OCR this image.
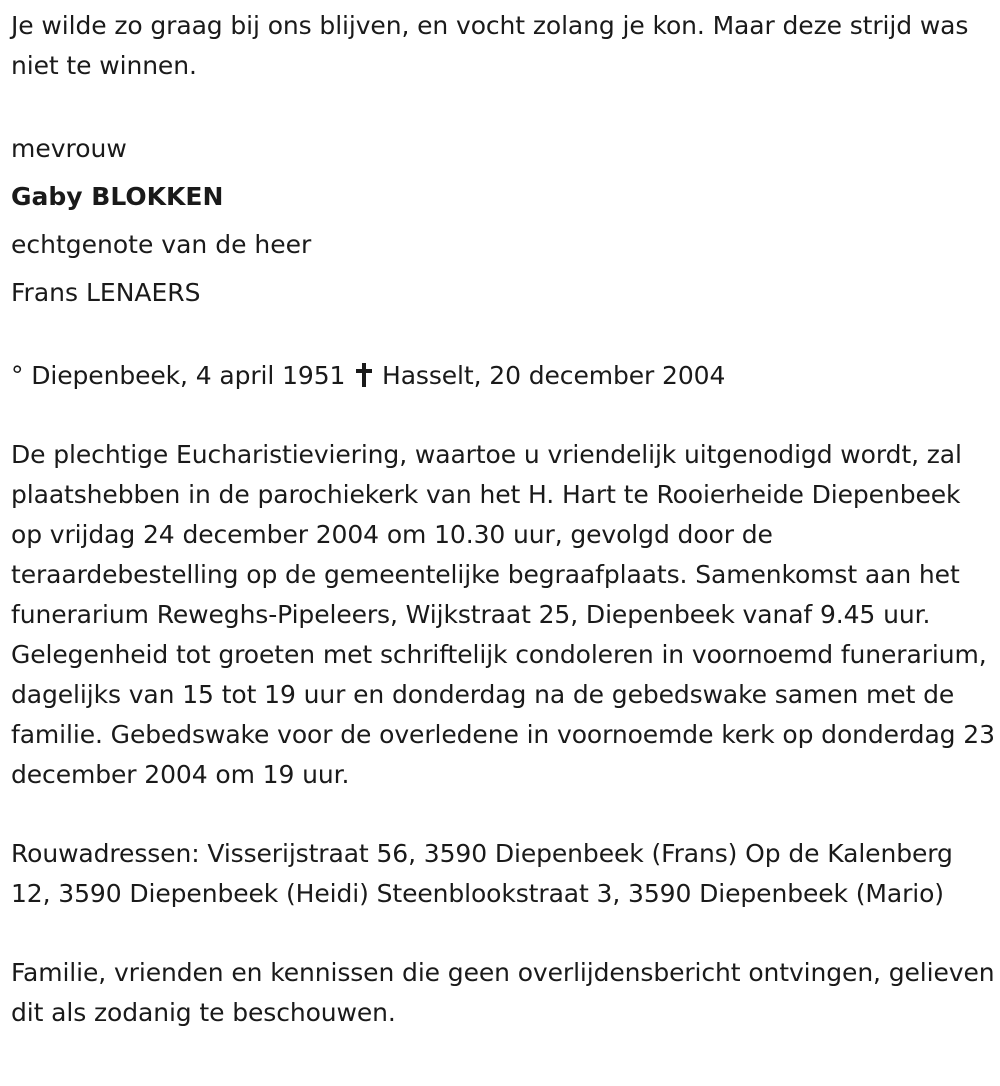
Je wilde zo graag bij ons blijven, en vocht zolang je kon. Maar deze strijd was niet te winnen.

mevrouw

Gaby BLOKKEN

echtgenote van de heer

Frans LENAERS

° Diepenbeek, 4 april 1951  Hasselt, 20 december 2004

De plechtige Eucharistieviering, waartoe u vriendelijk uitgenodigd wordt, zal plaatshebben in de parochiekerk van het H. Hart te Rooierheide Diepenbeek op vrijdag 24 december 2004 om 10.30 uur, gevolgd door de teraardebestelling op de gemeentelijke begraafplaats. Samenkomst aan het funerarium Reweghs-Pipeleers, Wijkstraat 25, Diepenbeek vanaf 9.45 uur. Gelegenheid tot groeten met schriftelijk condoleren in voornoemd funerarium, dagelijks van 15 tot 19 uur en donderdag na de gebedswake samen met de familie. Gebedswake voor de overledene in voornoemde kerk op donderdag 23 december 2004 om 19 uur.

Rouwadressen: Visserijstraat 56, 3590 Diepenbeek (Frans) Op de Kalenberg 12, 3590 Diepenbeek (Heidi) Steenblookstraat 3, 3590 Diepenbeek (Mario)

Familie, vrienden en kennissen die geen overlijdensbericht ontvingen, gelieven dit als zodanig te beschouwen.
